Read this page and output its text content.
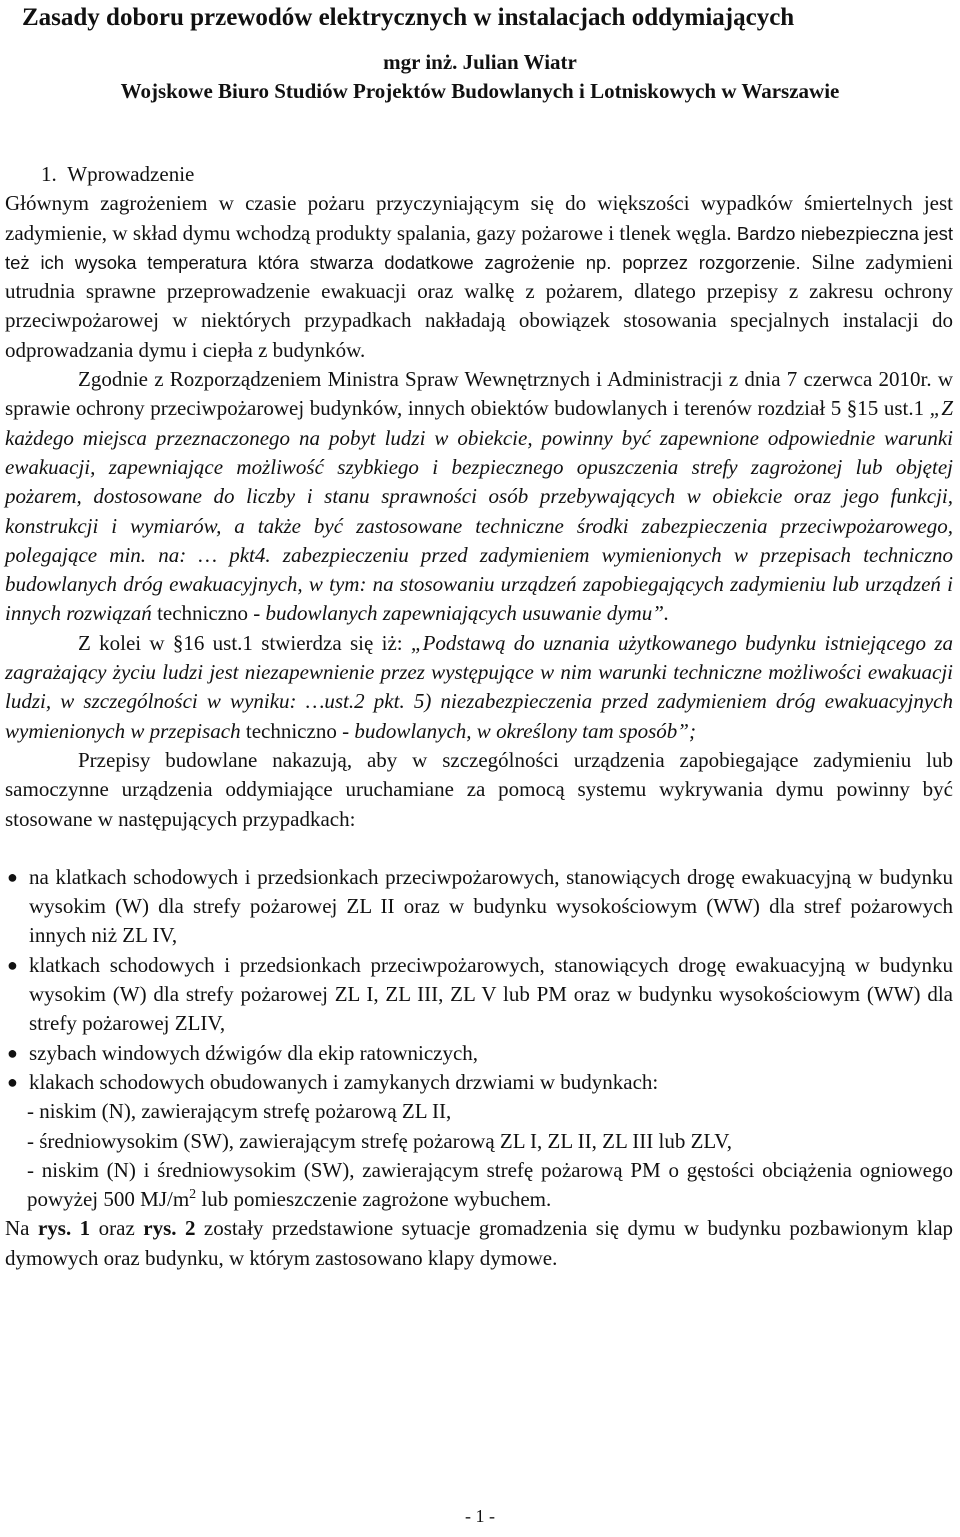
Zasady doboru przewodów elektrycznych w instalacjach oddymiających
mgr inż. Julian Wiatr
Wojskowe Biuro Studiów Projektów Budowlanych i Lotniskowych w Warszawie

1. Wprowadzenie

Głównym zagrożeniem w czasie pożaru przyczyniającym się do większości wypadków śmiertelnych jest zadymienie, w skład dymu wchodzą produkty spalania, gazy pożarowe i tlenek węgla. Bardzo niebezpieczna jest też ich wysoka temperatura która stwarza dodatkowe zagrożenie np. poprzez rozgorzenie. Silne zadymieni utrudnia sprawne przeprowadzenie ewakuacji oraz walkę z pożarem, dlatego przepisy z zakresu ochrony przeciwpożarowej w niektórych przypadkach nakładają obowiązek stosowania specjalnych instalacji do odprowadzania dymu i ciepła z budynków.

Zgodnie z Rozporządzeniem Ministra Spraw Wewnętrznych i Administracji z dnia 7 czerwca 2010r. w sprawie ochrony przeciwpożarowej budynków, innych obiektów budowlanych i terenów rozdział 5 §15 ust.1 „Z każdego miejsca przeznaczonego na pobyt ludzi w obiekcie, powinny być zapewnione odpowiednie warunki ewakuacji, zapewniające możliwość szybkiego i bezpiecznego opuszczenia strefy zagrożonej lub objętej pożarem, dostosowane do liczby i stanu sprawności osób przebywających w obiekcie oraz jego funkcji, konstrukcji i wymiarów, a także być zastosowane techniczne środki zabezpieczenia przeciwpożarowego, polegające min. na: … pkt4. zabezpieczeniu przed zadymieniem wymienionych w przepisach techniczno budowlanych dróg ewakuacyjnych, w tym: na stosowaniu urządzeń zapobiegających zadymieniu lub urządzeń i innych rozwiązań techniczno - budowlanych zapewniających usuwanie dymu”.

Z kolei w §16 ust.1 stwierdza się iż: „Podstawą do uznania użytkowanego budynku istniejącego za zagrażający życiu ludzi jest niezapewnienie przez występujące w nim warunki techniczne możliwości ewakuacji ludzi, w szczególności w wyniku: …ust.2 pkt. 5) niezabezpieczenia przed zadymieniem dróg ewakuacyjnych wymienionych w przepisach techniczno - budowlanych, w określony tam sposób”;

Przepisy budowlane nakazują, aby w szczególności urządzenia zapobiegające zadymieniu lub samoczynne urządzenia oddymiające uruchamiane za pomocą systemu wykrywania dymu powinny być stosowane w następujących przypadkach:

● na klatkach schodowych i przedsionkach przeciwpożarowych, stanowiących drogę ewakuacyjną w budynku wysokim (W) dla strefy pożarowej ZL II oraz w budynku wysokościowym (WW) dla stref pożarowych innych niż ZL IV,
● klatkach schodowych i przedsionkach przeciwpożarowych, stanowiących drogę ewakuacyjną w budynku wysokim (W) dla strefy pożarowej ZL I, ZL III, ZL V lub PM oraz w budynku wysokościowym (WW) dla strefy pożarowej ZLIV,
● szybach windowych dźwigów dla ekip ratowniczych,
● klakach schodowych obudowanych i zamykanych drzwiami w budynkach:

- niskim (N), zawierającym strefę pożarową ZL II,

- średniowysokim (SW), zawierającym strefę pożarową ZL I, ZL II, ZL III lub ZLV,

- niskim (N) i średniowysokim (SW), zawierającym strefę pożarową PM o gęstości obciążenia ogniowego powyżej 500 $MJ/m^2$ lub pomieszczenie zagrożone wybuchem.

Na rys. 1 oraz rys. 2 zostały przedstawione sytuacje gromadzenia się dymu w budynku pozbawionym klap dymowych oraz budynku, w którym zastosowano klapy dymowe.

- 1 -
